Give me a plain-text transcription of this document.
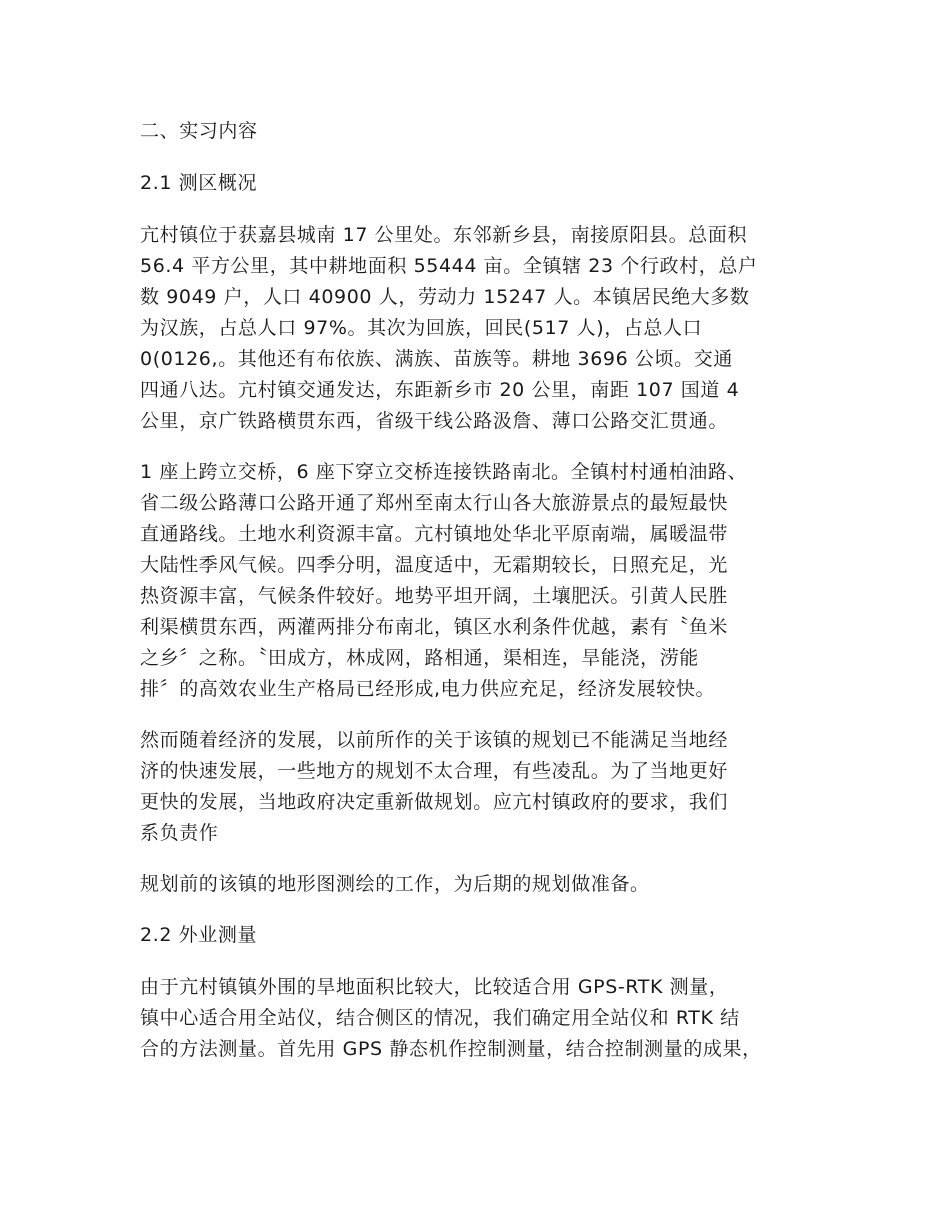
二、实习内容
2.1 测区概况
亢村镇位于获嘉县城南 17 公里处。东邻新乡县，南接原阳县。总面积
56.4 平方公里，其中耕地面积 55444 亩。全镇辖 23 个行政村，总户
数 9049 户，人口 40900 人，劳动力 15247 人。本镇居民绝大多数
为汉族，占总人口 97%。其次为回族，回民(517 人)，占总人口
0(0126,。其他还有布依族、满族、苗族等。耕地 3696 公顷。交通
四通八达。亢村镇交通发达，东距新乡市 20 公里，南距 107 国道 4
公里，京广铁路横贯东西，省级干线公路汲詹、薄口公路交汇贯通。
1 座上跨立交桥，6 座下穿立交桥连接铁路南北。全镇村村通柏油路、
省二级公路薄口公路开通了郑州至南太行山各大旅游景点的最短最快
直通路线。土地水利资源丰富。亢村镇地处华北平原南端，属暖温带
大陆性季风气候。四季分明，温度适中，无霜期较长，日照充足，光
热资源丰富，气候条件较好。地势平坦开阔，土壤肥沃。引黄人民胜
利渠横贯东西，两灌两排分布南北，镇区水利条件优越，素有〝鱼米
之乡〞之称。〝田成方，林成网，路相通，渠相连，旱能浇，涝能
排〞的高效农业生产格局已经形成,电力供应充足，经济发展较快。
然而随着经济的发展，以前所作的关于该镇的规划已不能满足当地经
济的快速发展，一些地方的规划不太合理，有些凌乱。为了当地更好
更快的发展，当地政府决定重新做规划。应亢村镇政府的要求，我们
系负责作
规划前的该镇的地形图测绘的工作，为后期的规划做准备。
2.2 外业测量
由于亢村镇镇外围的旱地面积比较大，比较适合用 GPS-RTK 测量，
镇中心适合用全站仪，结合侧区的情况，我们确定用全站仪和 RTK 结
合的方法测量。首先用 GPS 静态机作控制测量，结合控制测量的成果，
